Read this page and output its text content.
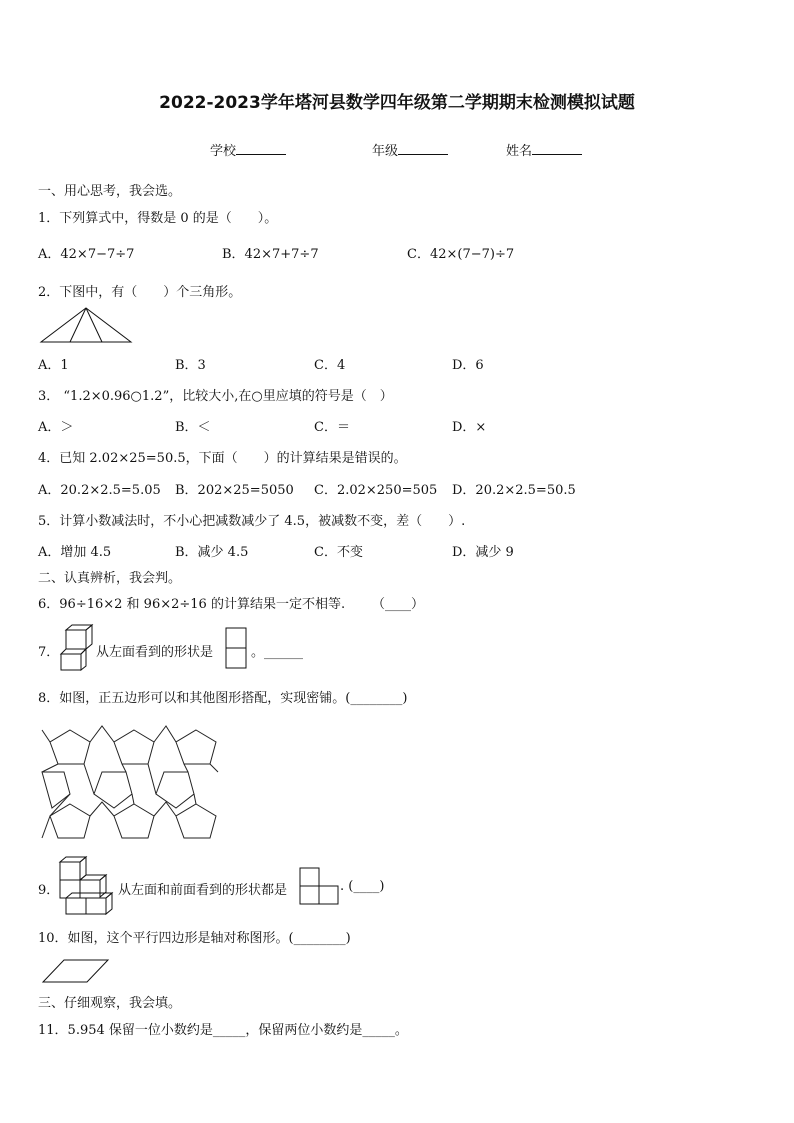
2022-2023学年塔河县数学四年级第二学期期末检测模拟试题
学校	年级	姓名
一、用心思考，我会选。
1．下列算式中，得数是 0 的是（　　）。
A．42×7−7÷7	B．42×7+7÷7	C．42×(7−7)÷7
2．下图中，有（　　）个三角形。
A．1	B．3	C．4	D．6
3． “1.2×0.96○1.2”，比较大小,在○里应填的符号是（　）
A．＞	B．＜	C．＝	D．×
4．已知 2.02×25=50.5，下面（　　）的计算结果是错误的。
A．20.2×2.5=5.05 B．202×25=5050 C．2.02×250=505 D．20.2×2.5=50.5
5．计算小数减法时，不小心把减数减少了 4.5，被减数不变，差（　　）.
A．增加 4.5	B．减少 4.5	C．不变	D．减少 9
二、认真辨析，我会判。
6．96÷16×2 和 96×2÷16 的计算结果一定不相等. （____）
7．	从左面看到的形状是	。______
8．如图，正五边形可以和其他图形搭配，实现密铺。(________)
9．	从左面和前面看到的形状都是	. (____)
10．如图，这个平行四边形是轴对称图形。(________)
三、仔细观察，我会填。
11．5.954 保留一位小数约是_____，保留两位小数约是_____。
